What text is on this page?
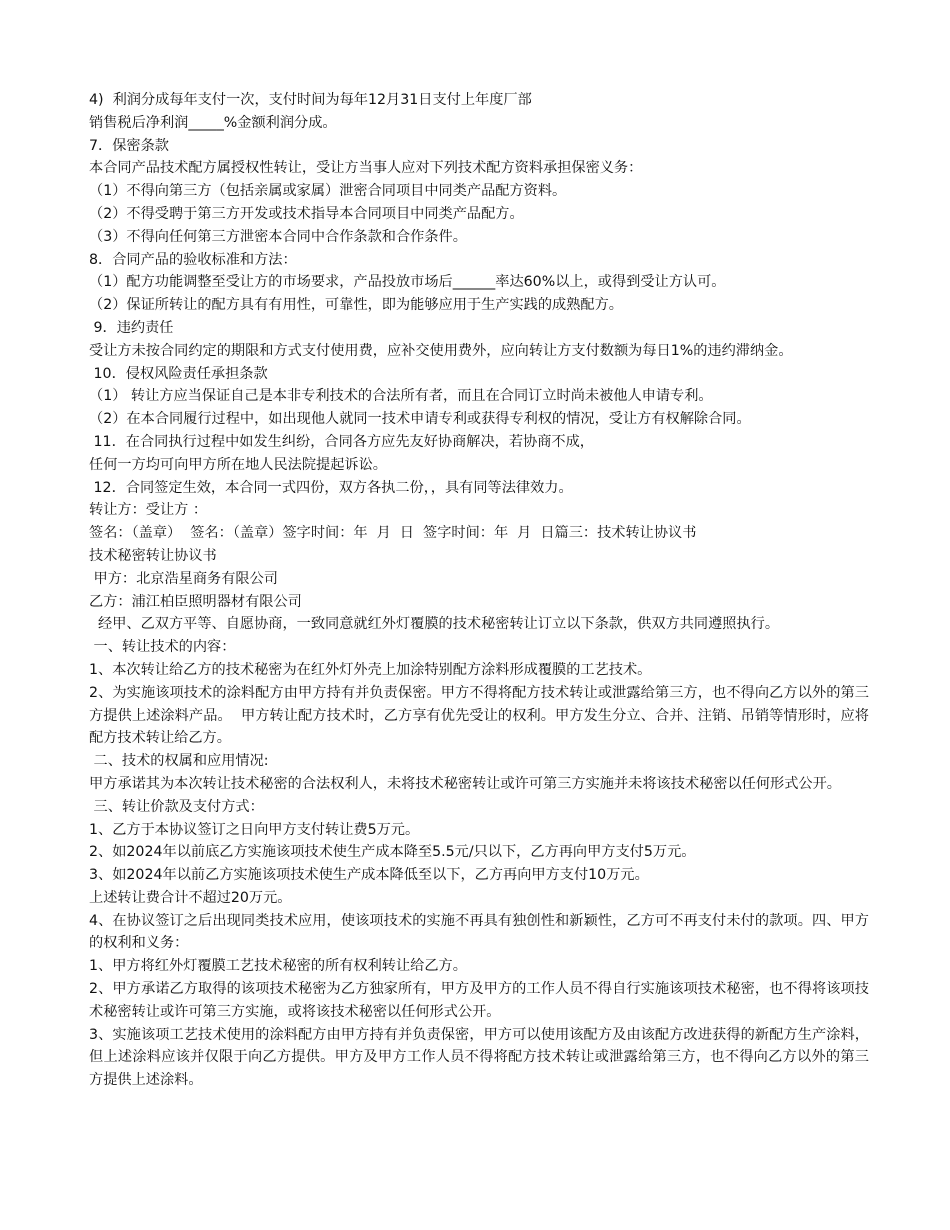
4)  利润分成每年支付一次，支付时间为每年12月31日支付上年度厂部
销售税后净利润_____%金额利润分成。
7．保密条款
本合同产品技术配方属授权性转让，受让方当事人应对下列技术配方资料承担保密义务：
（1）不得向第三方（包括亲属或家属）泄密合同项目中同类产品配方资料。
（2）不得受聘于第三方开发或技术指导本合同项目中同类产品配方。
（3）不得向任何第三方泄密本合同中合作条款和合作条件。
8．合同产品的验收标准和方法：
（1）配方功能调整至受让方的市场要求，产品投放市场后______率达60%以上，或得到受让方认可。
（2）保证所转让的配方具有有用性，可靠性，即为能够应用于生产实践的成熟配方。
9．违约责任
受让方未按合同约定的期限和方式支付使用费，应补交使用费外，应向转让方支付数额为每日1%的违约滞纳金。
10．侵权风险责任承担条款
（1） 转让方应当保证自己是本非专利技术的合法所有者，而且在合同订立时尚未被他人申请专利。
（2）在本合同履行过程中，如出现他人就同一技术申请专利或获得专利权的情况，受让方有权解除合同。
11．在合同执行过程中如发生纠纷，合同各方应先友好协商解决，若协商不成，
任何一方均可向甲方所在地人民法院提起诉讼。
12．合同签定生效，本合同一式四份，双方各执二份，，具有同等法律效力。
转让方：受让方 ：
签名：（盖章）  签名：（盖章）签字时间：年  月  日  签字时间：年  月  日篇三：技术转让协议书
技术秘密转让协议书
甲方：北京浩星商务有限公司
乙方：浦江柏臣照明器材有限公司
经甲、乙双方平等、自愿协商，一致同意就红外灯覆膜的技术秘密转让订立以下条款，供双方共同遵照执行。
一、转让技术的内容：
1、本次转让给乙方的技术秘密为在红外灯外壳上加涂特别配方涂料形成覆膜的工艺技术。
2、为实施该项技术的涂料配方由甲方持有并负责保密。甲方不得将配方技术转让或泄露给第三方，也不得向乙方以外的第三方提供上述涂料产品。  甲方转让配方技术时，乙方享有优先受让的权利。甲方发生分立、合并、注销、吊销等情形时，应将配方技术转让给乙方。
二、技术的权属和应用情况:
甲方承诺其为本次转让技术秘密的合法权利人，未将技术秘密转让或许可第三方实施并未将该技术秘密以任何形式公开。
三、转让价款及支付方式：
1、乙方于本协议签订之日向甲方支付转让费5万元。
2、如2024年以前底乙方实施该项技术使生产成本降至5.5元/只以下，乙方再向甲方支付5万元。
3、如2024年以前乙方实施该项技术使生产成本降低至以下，乙方再向甲方支付10万元。
上述转让费合计不超过20万元。
4、在协议签订之后出现同类技术应用，使该项技术的实施不再具有独创性和新颖性，乙方可不再支付未付的款项。四、甲方的权利和义务：
1、甲方将红外灯覆膜工艺技术秘密的所有权利转让给乙方。
2、甲方承诺乙方取得的该项技术秘密为乙方独家所有，甲方及甲方的工作人员不得自行实施该项技术秘密，也不得将该项技术秘密转让或许可第三方实施，或将该技术秘密以任何形式公开。
3、实施该项工艺技术使用的涂料配方由甲方持有并负责保密，甲方可以使用该配方及由该配方改进获得的新配方生产涂料，但上述涂料应该并仅限于向乙方提供。甲方及甲方工作人员不得将配方技术转让或泄露给第三方，也不得向乙方以外的第三方提供上述涂料。
